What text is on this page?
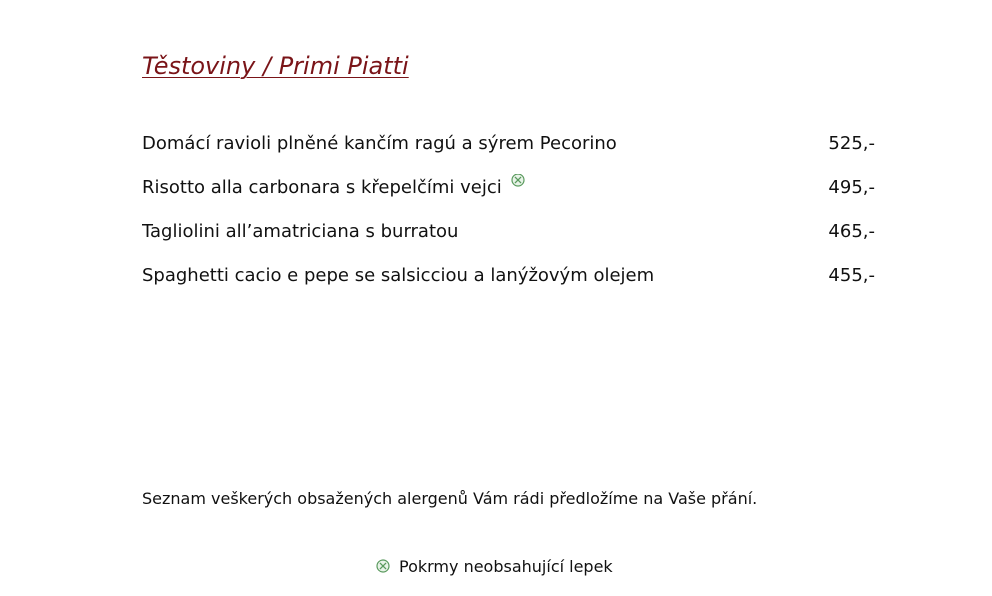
Těstoviny / Primi Piatti
Domácí ravioli plněné kančím ragú a sýrem Pecorino	525,-
Risotto alla carbonara s křepelčími vejci	495,-
Tagliolini all’amatriciana s burratou	465,-
Spaghetti cacio e pepe se salsicciou a lanýžovým olejem	455,-

Seznam veškerých obsažených alergenů Vám rádi předložíme na Vaše přání.

Pokrmy neobsahující lepek
